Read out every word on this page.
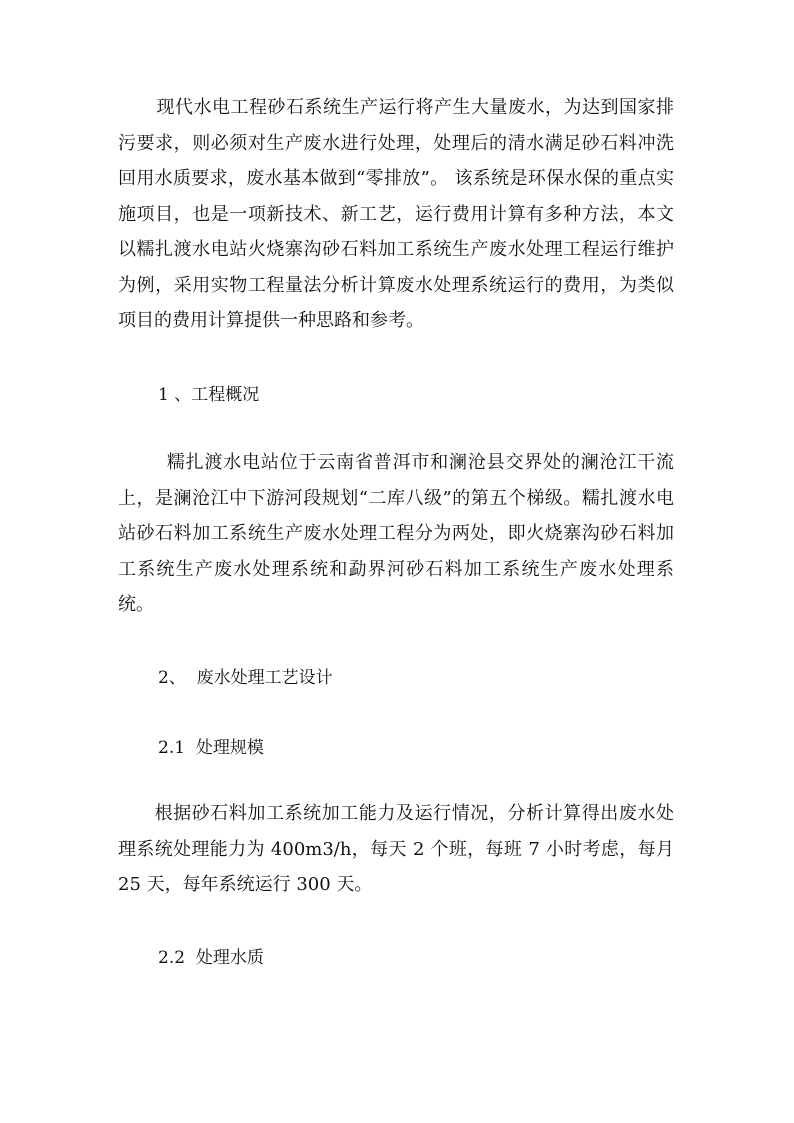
现代水电工程砂石系统生产运行将产生大量废水，为达到国家排污要求，则必须对生产废水进行处理，处理后的清水满足砂石料冲洗回用水质要求，废水基本做到“零排放”。 该系统是环保水保的重点实施项目，也是一项新技术、新工艺，运行费用计算有多种方法，本文以糯扎渡水电站火烧寨沟砂石料加工系统生产废水处理工程运行维护为例，采用实物工程量法分析计算废水处理系统运行的费用，为类似项目的费用计算提供一种思路和参考。

1 、工程概况

糯扎渡水电站位于云南省普洱市和澜沧县交界处的澜沧江干流上，是澜沧江中下游河段规划“二库八级”的第五个梯级。糯扎渡水电站砂石料加工系统生产废水处理工程分为两处，即火烧寨沟砂石料加工系统生产废水处理系统和勐界河砂石料加工系统生产废水处理系统。

2、  废水处理工艺设计

2.1  处理规模

根据砂石料加工系统加工能力及运行情况，分析计算得出废水处理系统处理能力为 400m3/h，每天 2 个班，每班 7 小时考虑，每月 25 天，每年系统运行 300 天。

2.2  处理水质
